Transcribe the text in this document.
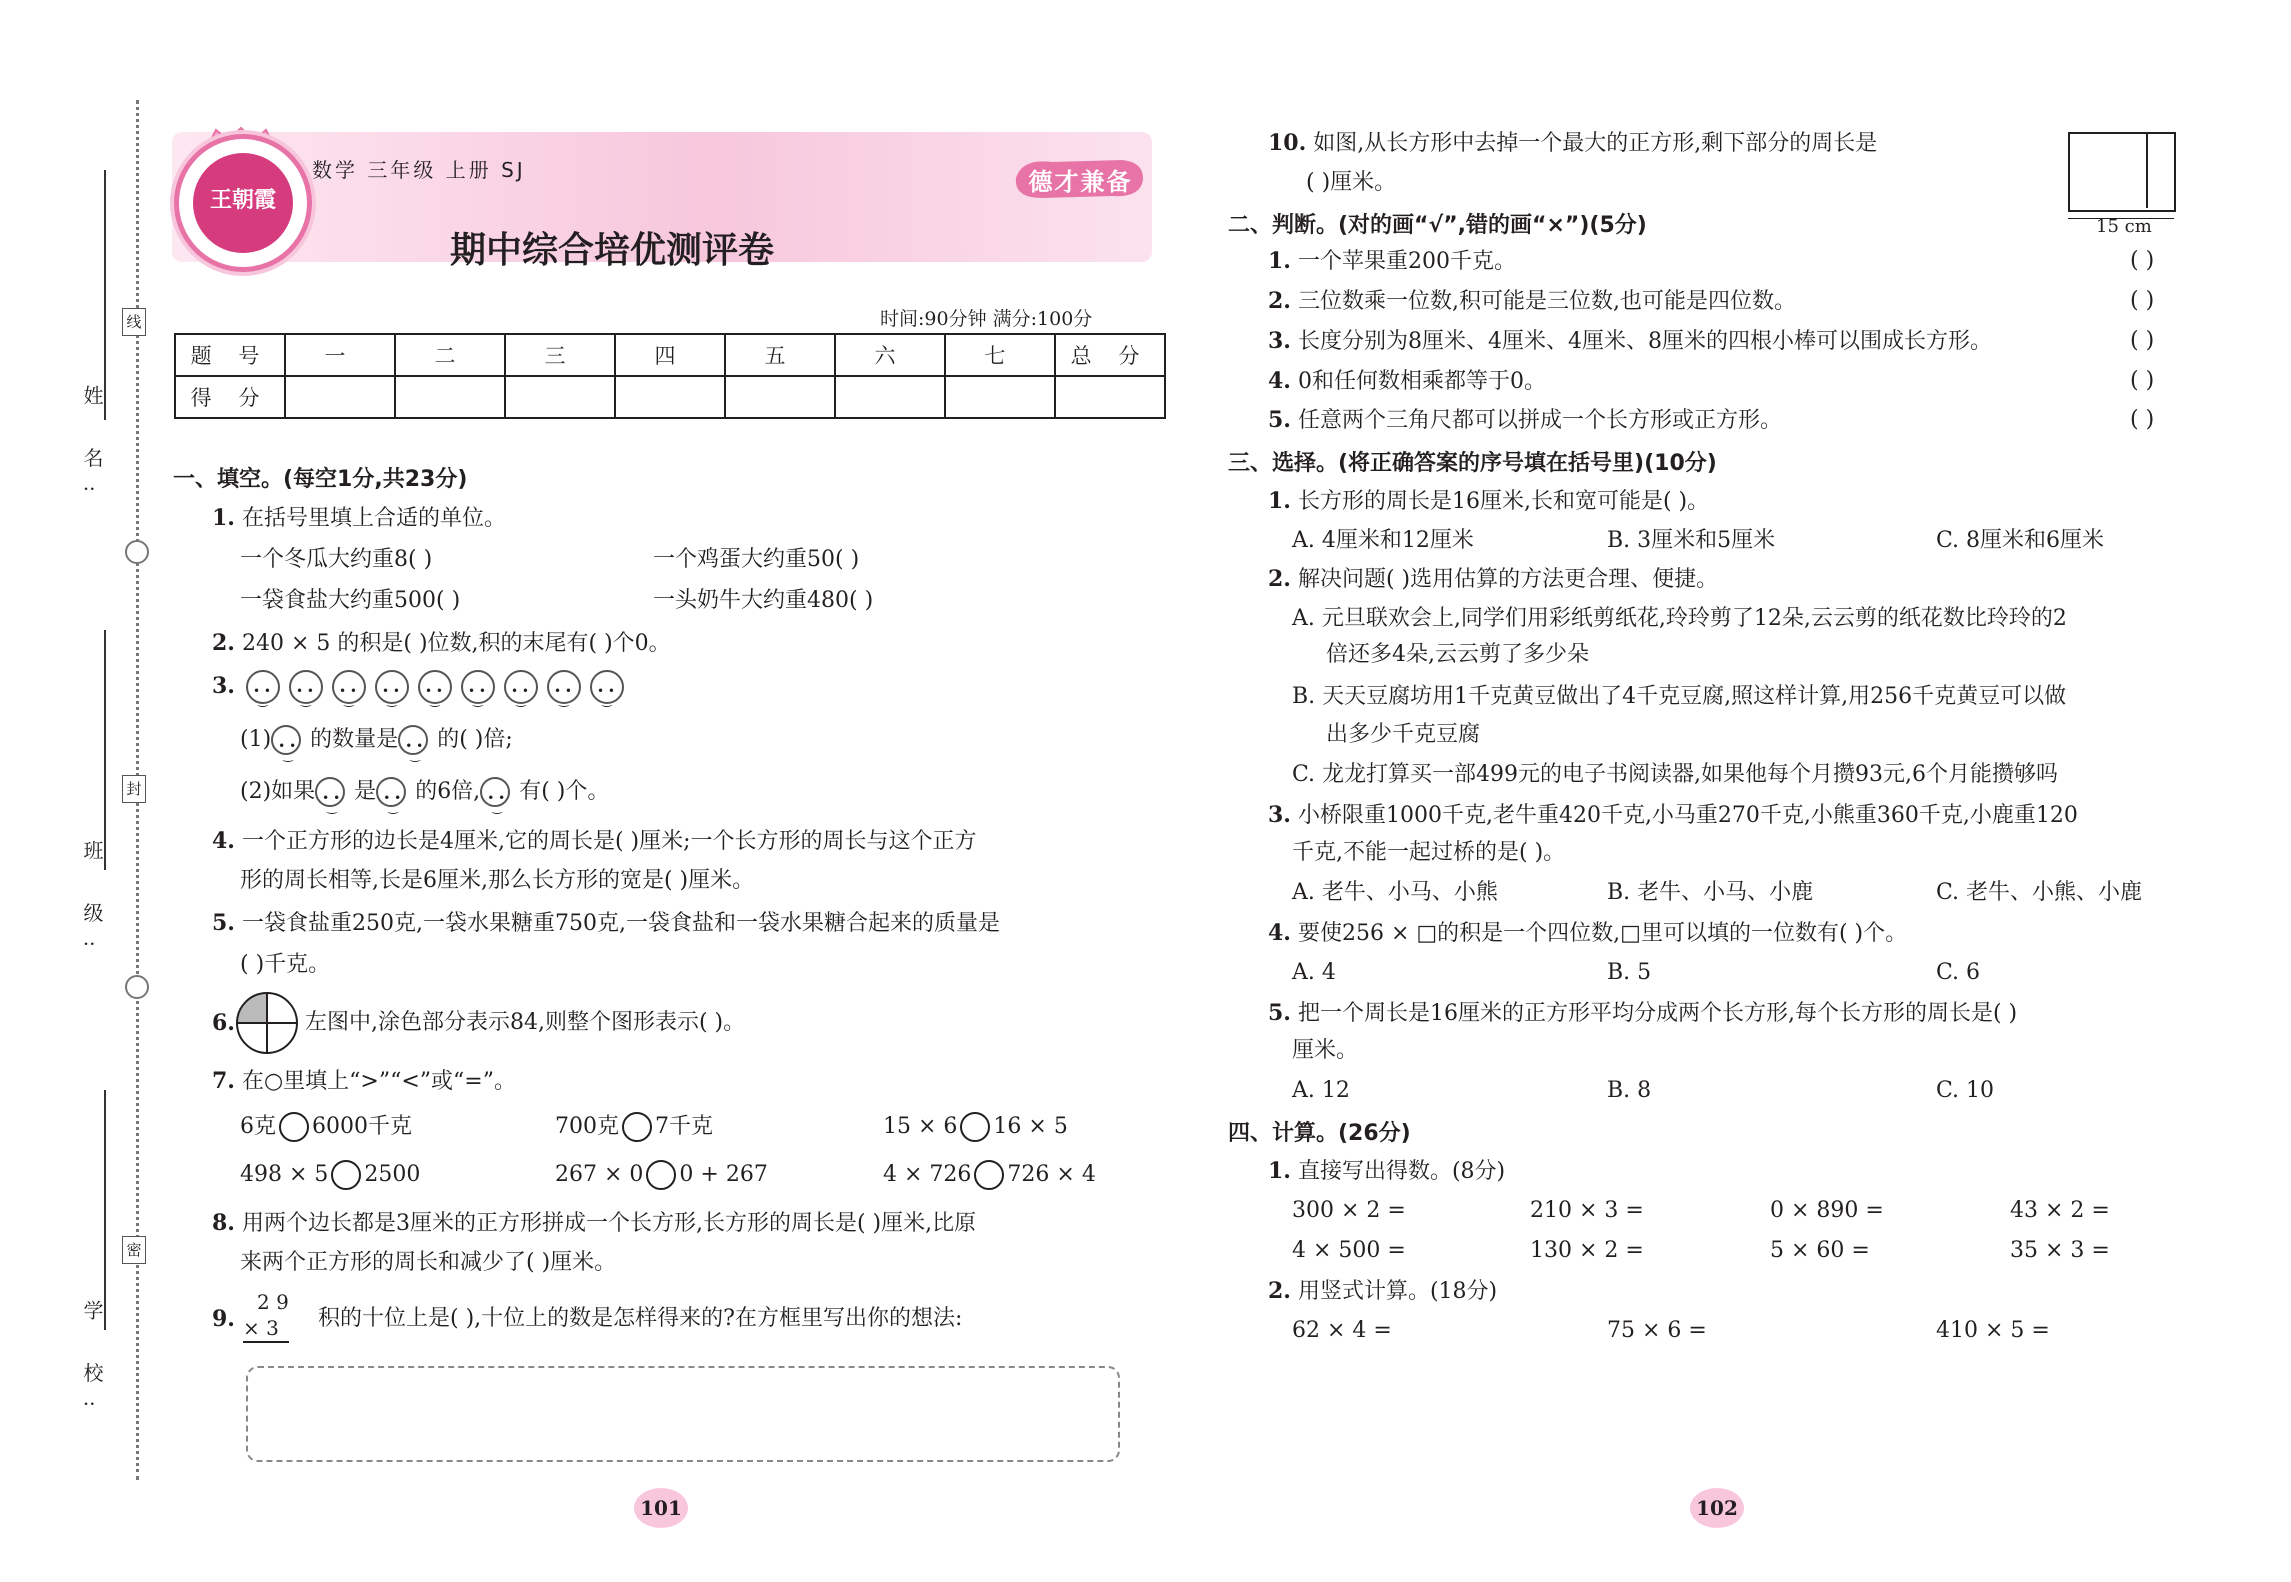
姓 名:
班 级:
学 校:
线
封
密
王朝霞
数学 三年级 上册 SJ
期中综合培优测评卷
德才兼备
时间:90分钟 满分:100分
题 号	一	二	三	四	五	六	七	总 分
得 分								
一、填空。(每空1分,共23分)
1. 在括号里填上合适的单位。
一个冬瓜大约重8( )	一个鸡蛋大约重50( )
一袋食盐大约重500( )	一头奶牛大约重480( )
2. 240 × 5 的积是( )位数,积的末尾有( )个0。
3. • • ‿• • ‿• • ‿• • ‿• • ‿• • ‿• • ‿• • ‿• • ‿
(1) • • ‿ 的数量是 • • ‿ 的( )倍;
(2)如果 • • ‿ 是 • • ‿ 的6倍, • • ‿ 有( )个。
4. 一个正方形的边长是4厘米,它的周长是( )厘米;一个长方形的周长与这个正方
形的周长相等,长是6厘米,那么长方形的宽是( )厘米。
5. 一袋食盐重250克,一袋水果糖重750克,一袋食盐和一袋水果糖合起来的质量是
( )千克。
6.	左图中,涂色部分表示84,则整个图形表示( )。
7. 在○里填上“>”“<”或“=”。
6克 6000千克	700克 7千克	15 × 6 16 × 5
498 × 5 2500	267 × 0 0 + 267	4 × 726 726 × 4
8. 用两个边长都是3厘米的正方形拼成一个长方形,长方形的周长是( )厘米,比原
来两个正方形的周长和减少了( )厘米。
9.
2 9
× 3	积的十位上是( ),十位上的数是怎样得来的?在方框里写出你的想法:
101
10. 如图,从长方形中去掉一个最大的正方形,剩下部分的周长是
( )厘米。
15 cm
二、判断。(对的画“√”,错的画“×”)(5分)
1. 一个苹果重200千克。	( )
2. 三位数乘一位数,积可能是三位数,也可能是四位数。	( )
3. 长度分别为8厘米、4厘米、4厘米、8厘米的四根小棒可以围成长方形。	( )
4. 0和任何数相乘都等于0。	( )
5. 任意两个三角尺都可以拼成一个长方形或正方形。	( )
三、选择。(将正确答案的序号填在括号里)(10分)
1. 长方形的周长是16厘米,长和宽可能是( )。
A. 4厘米和12厘米	B. 3厘米和5厘米	C. 8厘米和6厘米
2. 解决问题( )选用估算的方法更合理、便捷。
A. 元旦联欢会上,同学们用彩纸剪纸花,玲玲剪了12朵,云云剪的纸花数比玲玲的2
倍还多4朵,云云剪了多少朵
B. 天天豆腐坊用1千克黄豆做出了4千克豆腐,照这样计算,用256千克黄豆可以做
出多少千克豆腐
C. 龙龙打算买一部499元的电子书阅读器,如果他每个月攒93元,6个月能攒够吗
3. 小桥限重1000千克,老牛重420千克,小马重270千克,小熊重360千克,小鹿重120
千克,不能一起过桥的是( )。
A. 老牛、小马、小熊	B. 老牛、小马、小鹿	C. 老牛、小熊、小鹿
4. 要使256 × □的积是一个四位数,□里可以填的一位数有( )个。
A. 4	B. 5	C. 6
5. 把一个周长是16厘米的正方形平均分成两个长方形,每个长方形的周长是( )
厘米。
A. 12	B. 8	C. 10
四、计算。(26分)
1. 直接写出得数。(8分)
300 × 2 =	210 × 3 =	0 × 890 =	43 × 2 =
4 × 500 =	130 × 2 =	5 × 60 =	35 × 3 =
2. 用竖式计算。(18分)
62 × 4 =	75 × 6 =	410 × 5 =
102
